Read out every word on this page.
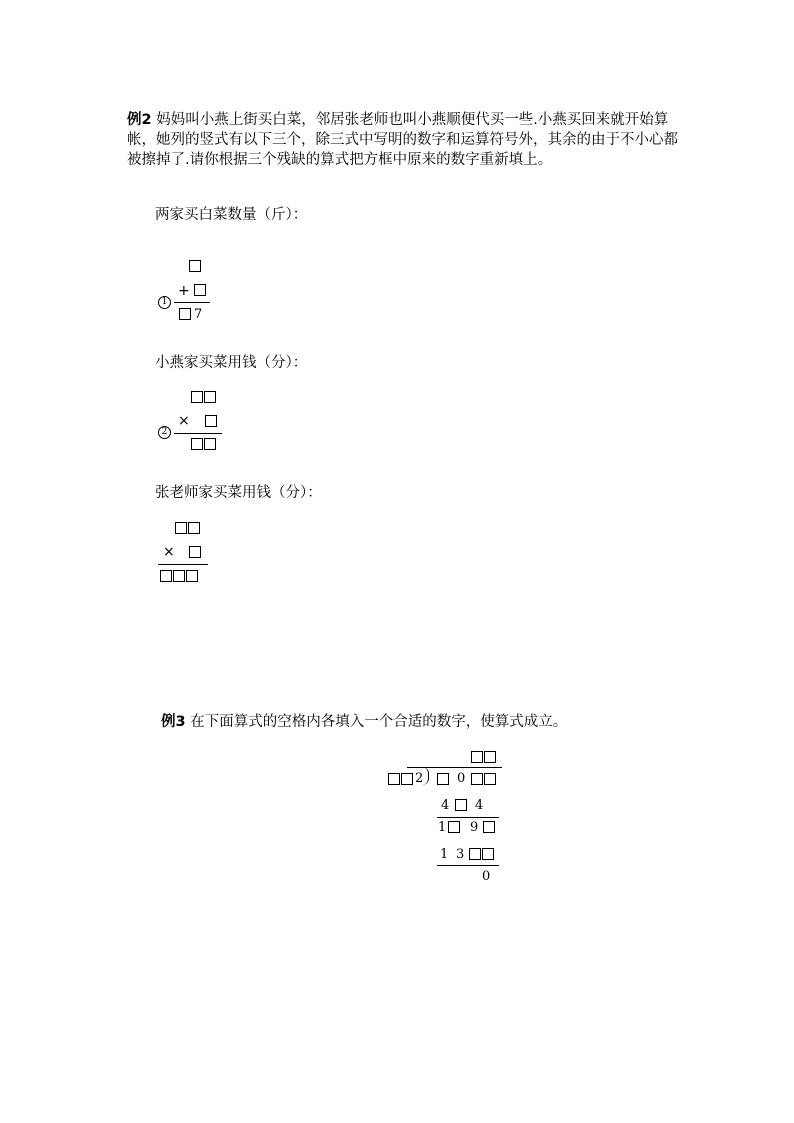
例2 妈妈叫小燕上街买白菜，邻居张老师也叫小燕顺便代买一些.小燕买回来就开始算帐，她列的竖式有以下三个，除三式中写明的数字和运算符号外，其余的由于不小心都被擦掉了.请你根据三个残缺的算式把方框中原来的数字重新填上。
两家买白菜数量（斤）：
+
1
7
小燕家买菜用钱（分）：
×
2
张老师家买菜用钱（分）：
×
例3 在下面算式的空格内各填入一个合适的数字，使算式成立。
2	0
4 4
1 9
1 3
0
